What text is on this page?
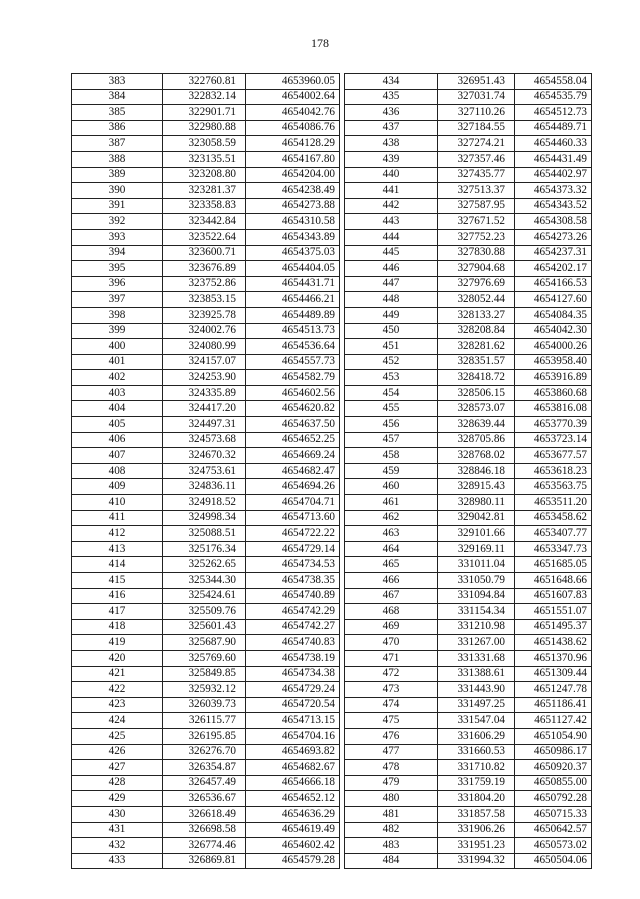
178
383	322760.81	4653960.05
384	322832.14	4654002.64
385	322901.71	4654042.76
386	322980.88	4654086.76
387	323058.59	4654128.29
388	323135.51	4654167.80
389	323208.80	4654204.00
390	323281.37	4654238.49
391	323358.83	4654273.88
392	323442.84	4654310.58
393	323522.64	4654343.89
394	323600.71	4654375.03
395	323676.89	4654404.05
396	323752.86	4654431.71
397	323853.15	4654466.21
398	323925.78	4654489.89
399	324002.76	4654513.73
400	324080.99	4654536.64
401	324157.07	4654557.73
402	324253.90	4654582.79
403	324335.89	4654602.56
404	324417.20	4654620.82
405	324497.31	4654637.50
406	324573.68	4654652.25
407	324670.32	4654669.24
408	324753.61	4654682.47
409	324836.11	4654694.26
410	324918.52	4654704.71
411	324998.34	4654713.60
412	325088.51	4654722.22
413	325176.34	4654729.14
414	325262.65	4654734.53
415	325344.30	4654738.35
416	325424.61	4654740.89
417	325509.76	4654742.29
418	325601.43	4654742.27
419	325687.90	4654740.83
420	325769.60	4654738.19
421	325849.85	4654734.38
422	325932.12	4654729.24
423	326039.73	4654720.54
424	326115.77	4654713.15
425	326195.85	4654704.16
426	326276.70	4654693.82
427	326354.87	4654682.67
428	326457.49	4654666.18
429	326536.67	4654652.12
430	326618.49	4654636.29
431	326698.58	4654619.49
432	326774.46	4654602.42
433	326869.81	4654579.28
434	326951.43	4654558.04
435	327031.74	4654535.79
436	327110.26	4654512.73
437	327184.55	4654489.71
438	327274.21	4654460.33
439	327357.46	4654431.49
440	327435.77	4654402.97
441	327513.37	4654373.32
442	327587.95	4654343.52
443	327671.52	4654308.58
444	327752.23	4654273.26
445	327830.88	4654237.31
446	327904.68	4654202.17
447	327976.69	4654166.53
448	328052.44	4654127.60
449	328133.27	4654084.35
450	328208.84	4654042.30
451	328281.62	4654000.26
452	328351.57	4653958.40
453	328418.72	4653916.89
454	328506.15	4653860.68
455	328573.07	4653816.08
456	328639.44	4653770.39
457	328705.86	4653723.14
458	328768.02	4653677.57
459	328846.18	4653618.23
460	328915.43	4653563.75
461	328980.11	4653511.20
462	329042.81	4653458.62
463	329101.66	4653407.77
464	329169.11	4653347.73
465	331011.04	4651685.05
466	331050.79	4651648.66
467	331094.84	4651607.83
468	331154.34	4651551.07
469	331210.98	4651495.37
470	331267.00	4651438.62
471	331331.68	4651370.96
472	331388.61	4651309.44
473	331443.90	4651247.78
474	331497.25	4651186.41
475	331547.04	4651127.42
476	331606.29	4651054.90
477	331660.53	4650986.17
478	331710.82	4650920.37
479	331759.19	4650855.00
480	331804.20	4650792.28
481	331857.58	4650715.33
482	331906.26	4650642.57
483	331951.23	4650573.02
484	331994.32	4650504.06
